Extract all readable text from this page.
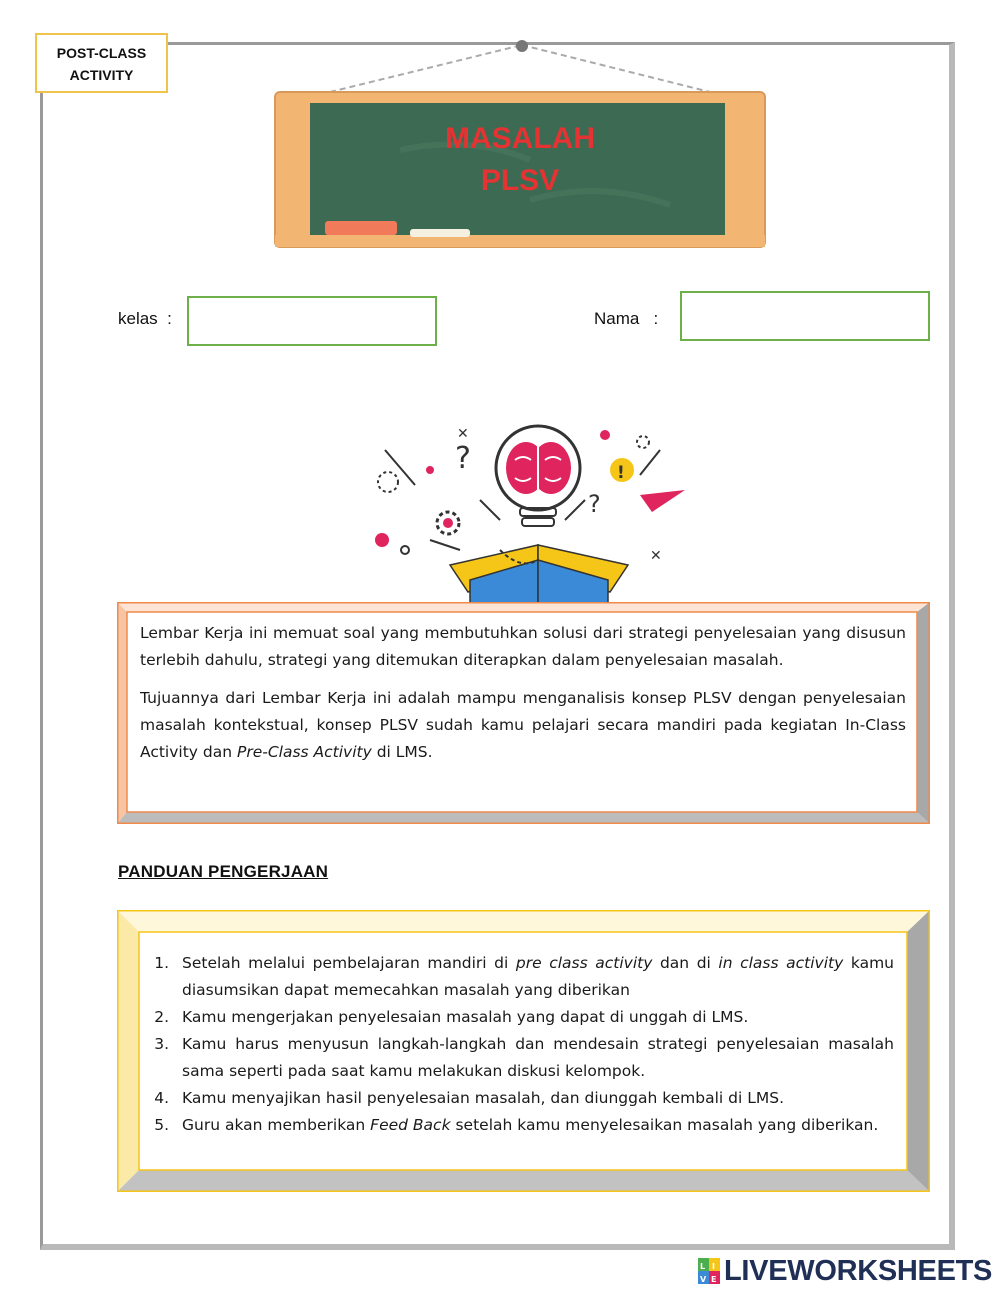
POST-CLASS
ACTIVITY
MASALAH
PLSV
kelas  :	Nama   :
?
?
✕
✕
!

Lembar Kerja ini memuat soal yang membutuhkan solusi dari strategi penyelesaian yang disusun terlebih dahulu, strategi yang ditemukan diterapkan dalam penyelesaian masalah.

Tujuannya dari Lembar Kerja ini adalah mampu menganalisis konsep PLSV dengan penyelesaian masalah kontekstual, konsep PLSV sudah kamu pelajari secara mandiri pada kegiatan In-Class Activity dan Pre-Class Activity di LMS.

PANDUAN PENGERJAAN
1. Setelah melalui pembelajaran mandiri di pre class activity dan di in class activity kamu diasumsikan dapat memecahkan masalah yang diberikan
2. Kamu mengerjakan penyelesaian masalah yang dapat di unggah di LMS.
3. Kamu harus menyusun langkah-langkah dan mendesain strategi penyelesaian masalah sama seperti pada saat kamu melakukan diskusi kelompok.
4. Kamu menyajikan hasil penyelesaian masalah, dan diunggah kembali di LMS.
5. Guru akan memberikan Feed Back setelah kamu menyelesaikan masalah yang diberikan.
L I
V E LIVEWORKSHEETS
